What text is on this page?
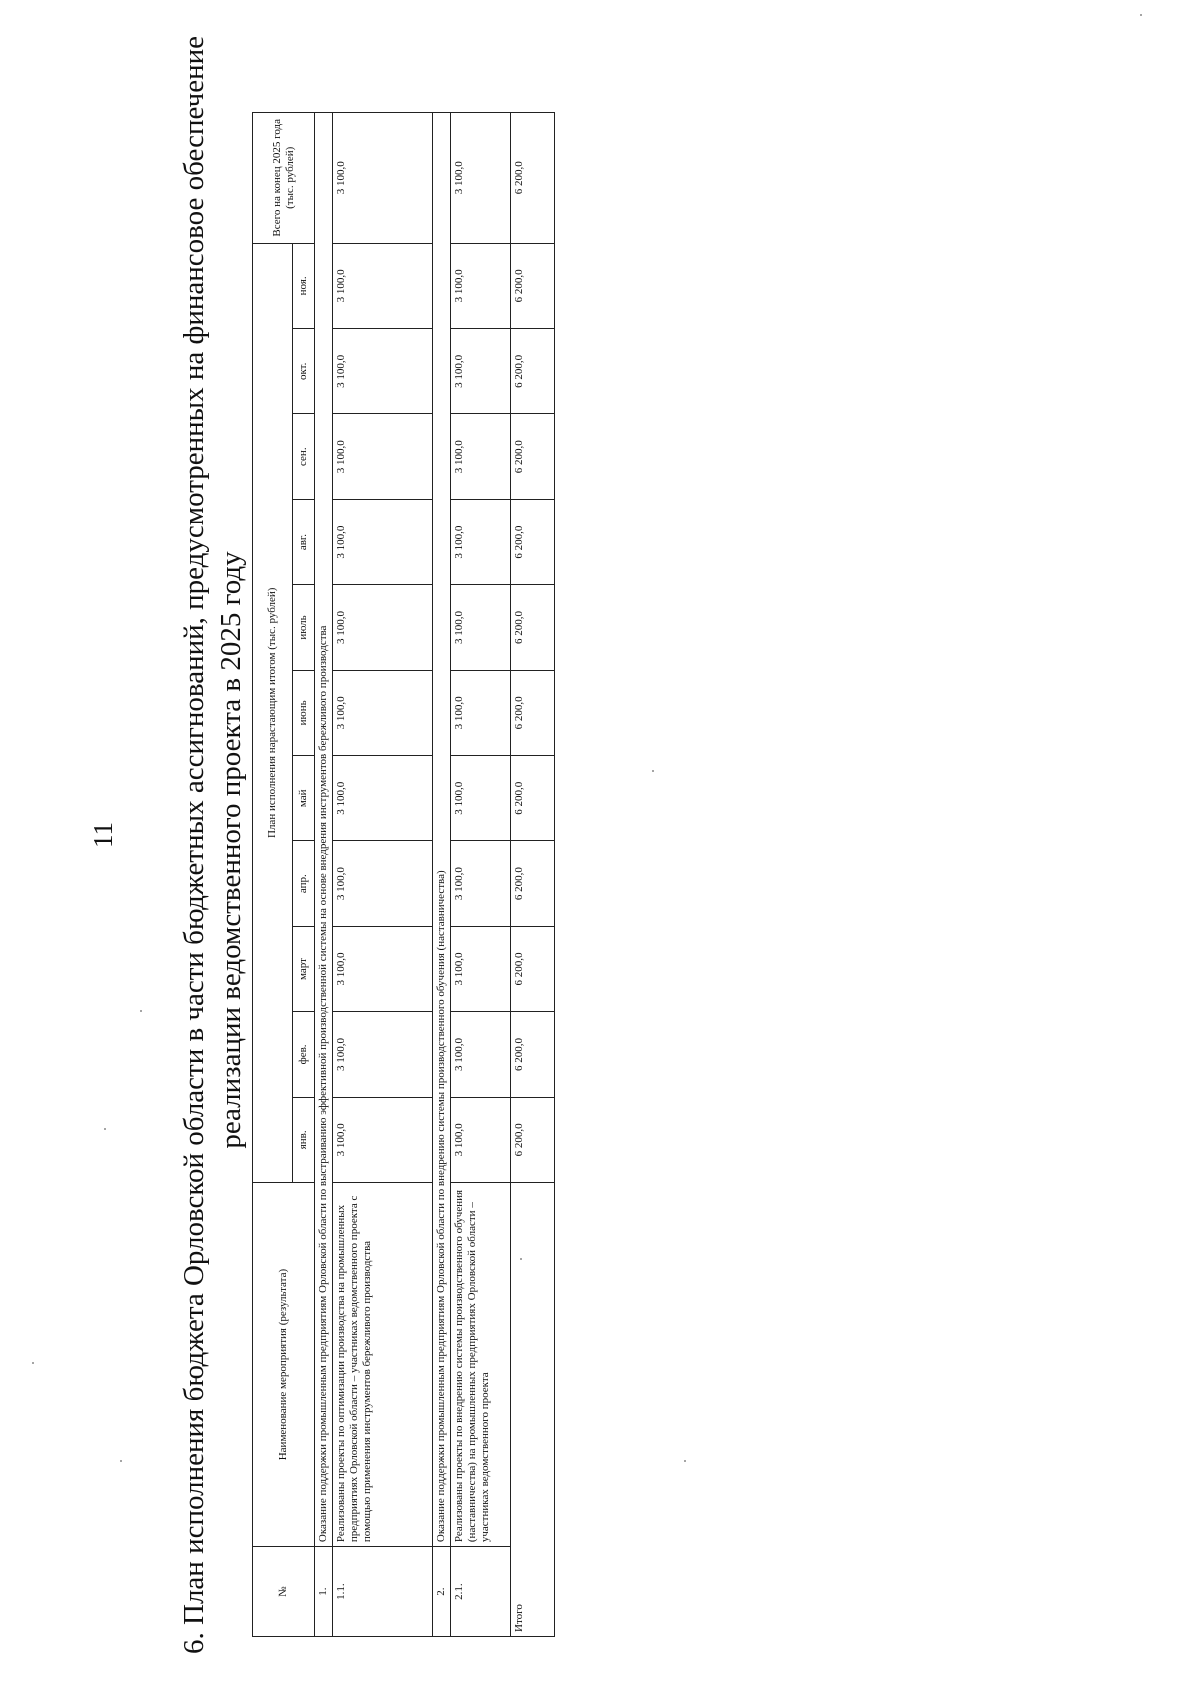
11 6. План исполнения бюджета Орловской области в части бюджетных ассигнований, предусмотренных на финансовое обеспечение реализации ведомственного проекта в 2025 году
№	Наименование мероприятия (результата)	План исполнения нарастающим итогом (тыс. рублей)											Всего на конец 2025 года (тыс. рублей)
		янв.	фев.	март	апр.	май	июнь	июль	авг.	сен.	окт.	ноя.	
1.	Оказание поддержки промышленным предприятиям Орловской области по выстраиванию эффективной производственной системы на основе внедрения инструментов бережливого производства												
1.1.	Реализованы проекты по оптимизации производства на промышленных предприятиях Орловской области – участниках ведомственного проекта с помощью применения инструментов бережливого производства	3 100,0	3 100,0	3 100,0	3 100,0	3 100,0	3 100,0	3 100,0	3 100,0	3 100,0	3 100,0	3 100,0	3 100,0
2.	Оказание поддержки промышленным предприятиям Орловской области по внедрению системы производственного обучения (наставничества)												
2.1.	Реализованы проекты по внедрению системы производственного обучения (наставничества) на промышленных предприятиях Орловской области – участниках ведомственного проекта	3 100,0	3 100,0	3 100,0	3 100,0	3 100,0	3 100,0	3 100,0	3 100,0	3 100,0	3 100,0	3 100,0	3 100,0
Итого		6 200,0	6 200,0	6 200,0	6 200,0	6 200,0	6 200,0	6 200,0	6 200,0	6 200,0	6 200,0	6 200,0	6 200,0
